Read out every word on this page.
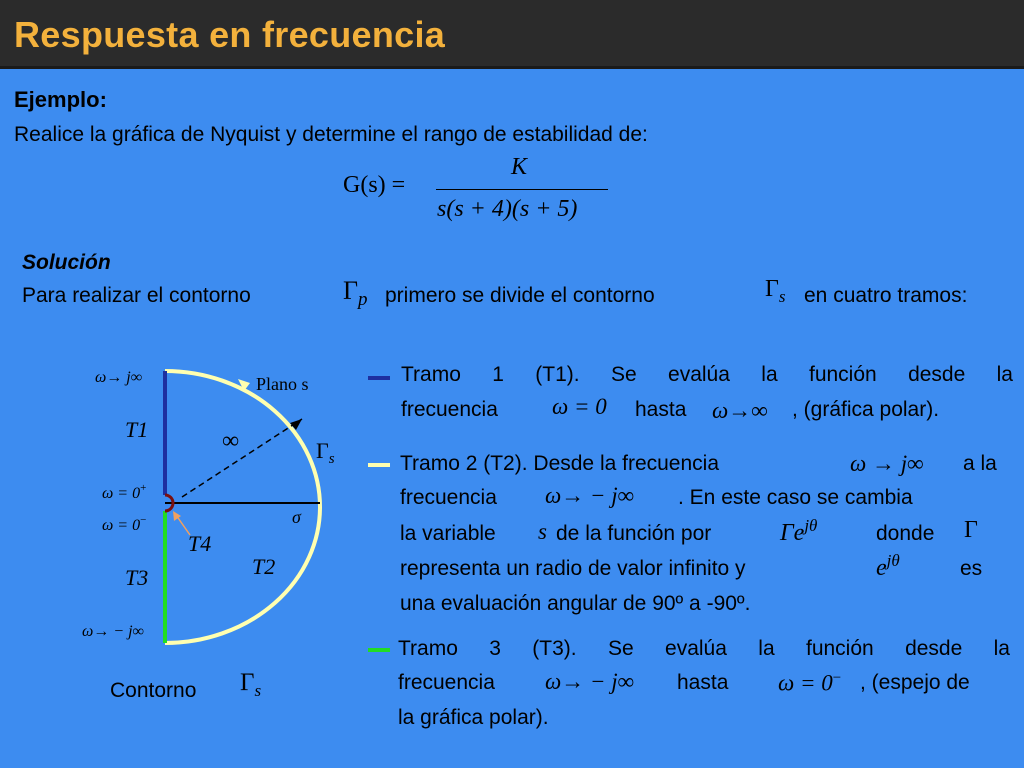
Respuesta en frecuencia
Ejemplo:
Realice la gráfica de Nyquist y determine el rango de estabilidad de:
G(s) =
K
s(s + 4)(s + 5)
Solución
Para realizar el contorno	$\Gamma_p$ primero se divide el contorno	$\Gamma_s$ en cuatro tramos:
ω→ j∞	Plano s
T1	∞	$\Gamma_s$
ω = 0+
ω = 0−	σ
T4
T2
T3
ω→ − j∞
Contorno $\Gamma_s$
Tramo 1 (T1). Se evalúa la función desde la
frecuencia ω = 0 hasta ω→∞ , (gráfica polar).
Tramo 2 (T2). Desde la frecuencia	ω → j∞ a la
frecuencia ω→ − j∞ . En este caso se cambia
la variable s de la función por	$\Gamma e^{j\theta}$	donde Γ
representa un radio de valor infinito y	$e^{j\theta}$	es
una evaluación angular de 90º a -90º.
Tramo 3 (T3). Se evalúa la función desde la
frecuencia ω→ − j∞ hasta ω = 0− , (espejo de
la gráfica polar).
